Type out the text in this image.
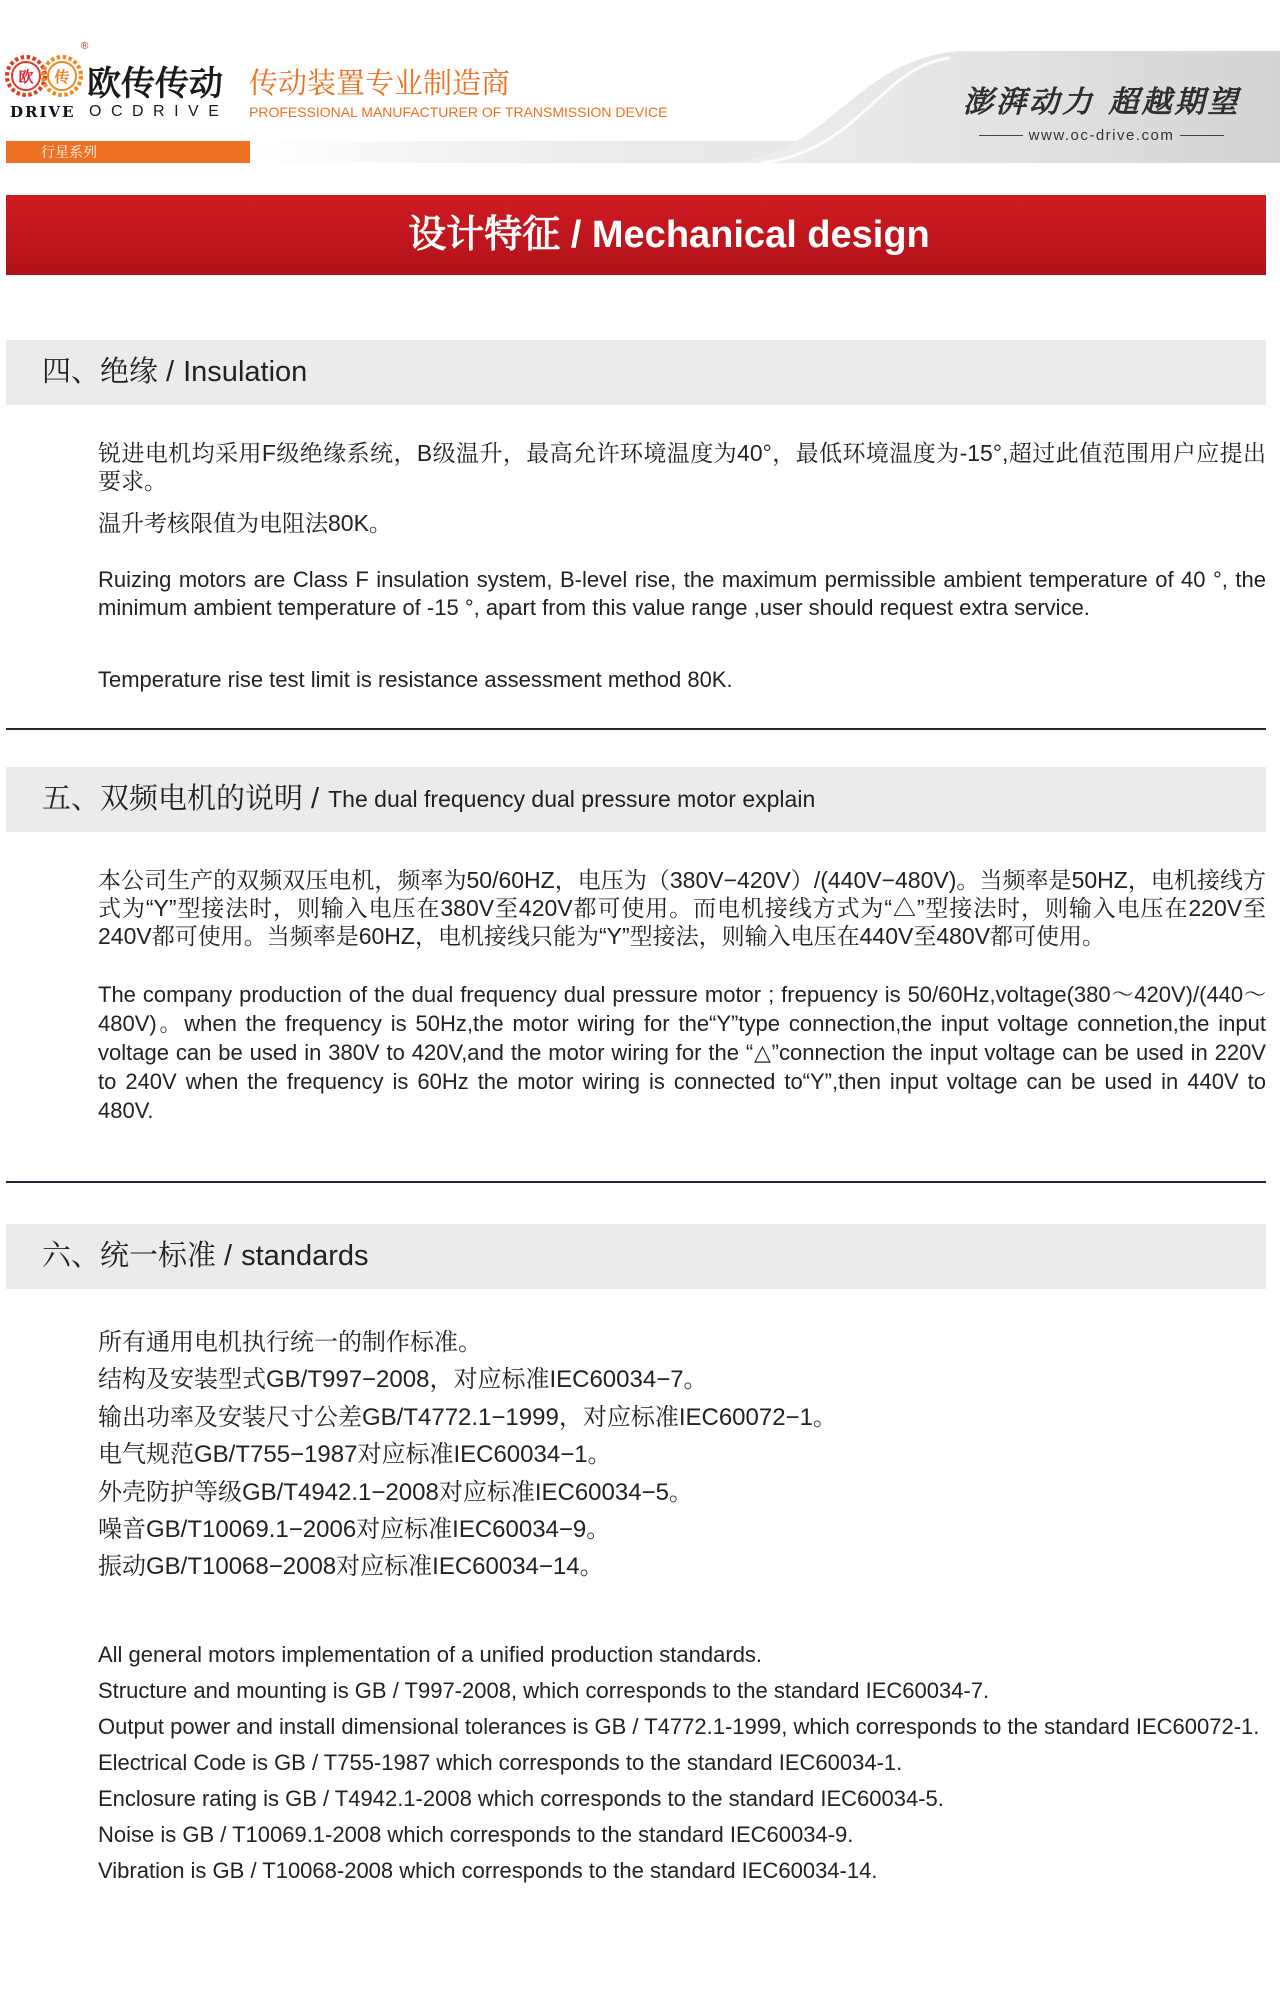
欧 传
®
DRIVE
欧传传动
OCDRIVE
传动装置专业制造商
PROFESSIONAL MANUFACTURER OF TRANSMISSION DEVICE
行星系列
澎湃动力 超越期望
www.oc-drive.com
设计特征 / Mechanical design
四、绝缘 / Insulation

锐进电机均采用F级绝缘系统，B级温升，最高允许环境温度为40°，最低环境温度为-15°,超过此值范围用户应提出要求。

温升考核限值为电阻法80K。

Ruizing motors are Class F insulation system, B-level rise, the maximum permissible ambient temperature of 40 °, the minimum ambient temperature of -15 °, apart from this value range ,user should request extra service.

Temperature rise test limit is resistance assessment method 80K.

五、双频电机的说明 / The dual frequency dual pressure motor explain

本公司生产的双频双压电机，频率为50/60HZ，电压为（380V−420V）/(440V−480V)。当频率是50HZ，电机接线方式为“Y”型接法时，则输入电压在380V至420V都可使用。而电机接线方式为“△”型接法时，则输入电压在220V至240V都可使用。当频率是60HZ，电机接线只能为“Y”型接法，则输入电压在440V至480V都可使用。

The company production of the dual frequency dual pressure motor ; frepuency is 50/60Hz,voltage(380～420V)/(440～480V)。when the frequency is 50Hz,the motor wiring for the“Y”type connection,the input voltage connetion,the input voltage can be used in 380V to 420V,and the motor wiring for the “△”connection the input voltage can be used in 220V to 240V when the frequency is 60Hz the motor wiring is connected to“Y”,then input voltage can be used in 440V to 480V.

六、统一标准 / standards
所有通用电机执行统一的制作标准。
结构及安装型式GB/T997−2008，对应标准IEC60034−7。
输出功率及安装尺寸公差GB/T4772.1−1999，对应标准IEC60072−1。
电气规范GB/T755−1987对应标准IEC60034−1。
外壳防护等级GB/T4942.1−2008对应标准IEC60034−5。
噪音GB/T10069.1−2006对应标准IEC60034−9。
振动GB/T10068−2008对应标准IEC60034−14。
All general motors implementation of a unified production standards.
Structure and mounting is GB / T997-2008, which corresponds to the standard IEC60034-7.
Output power and install dimensional tolerances is GB / T4772.1-1999, which corresponds to the standard IEC60072-1.
Electrical Code is GB / T755-1987 which corresponds to the standard IEC60034-1.
Enclosure rating is GB / T4942.1-2008 which corresponds to the standard IEC60034-5.
Noise is GB / T10069.1-2008 which corresponds to the standard IEC60034-9.
Vibration is GB / T10068-2008 which corresponds to the standard IEC60034-14.
